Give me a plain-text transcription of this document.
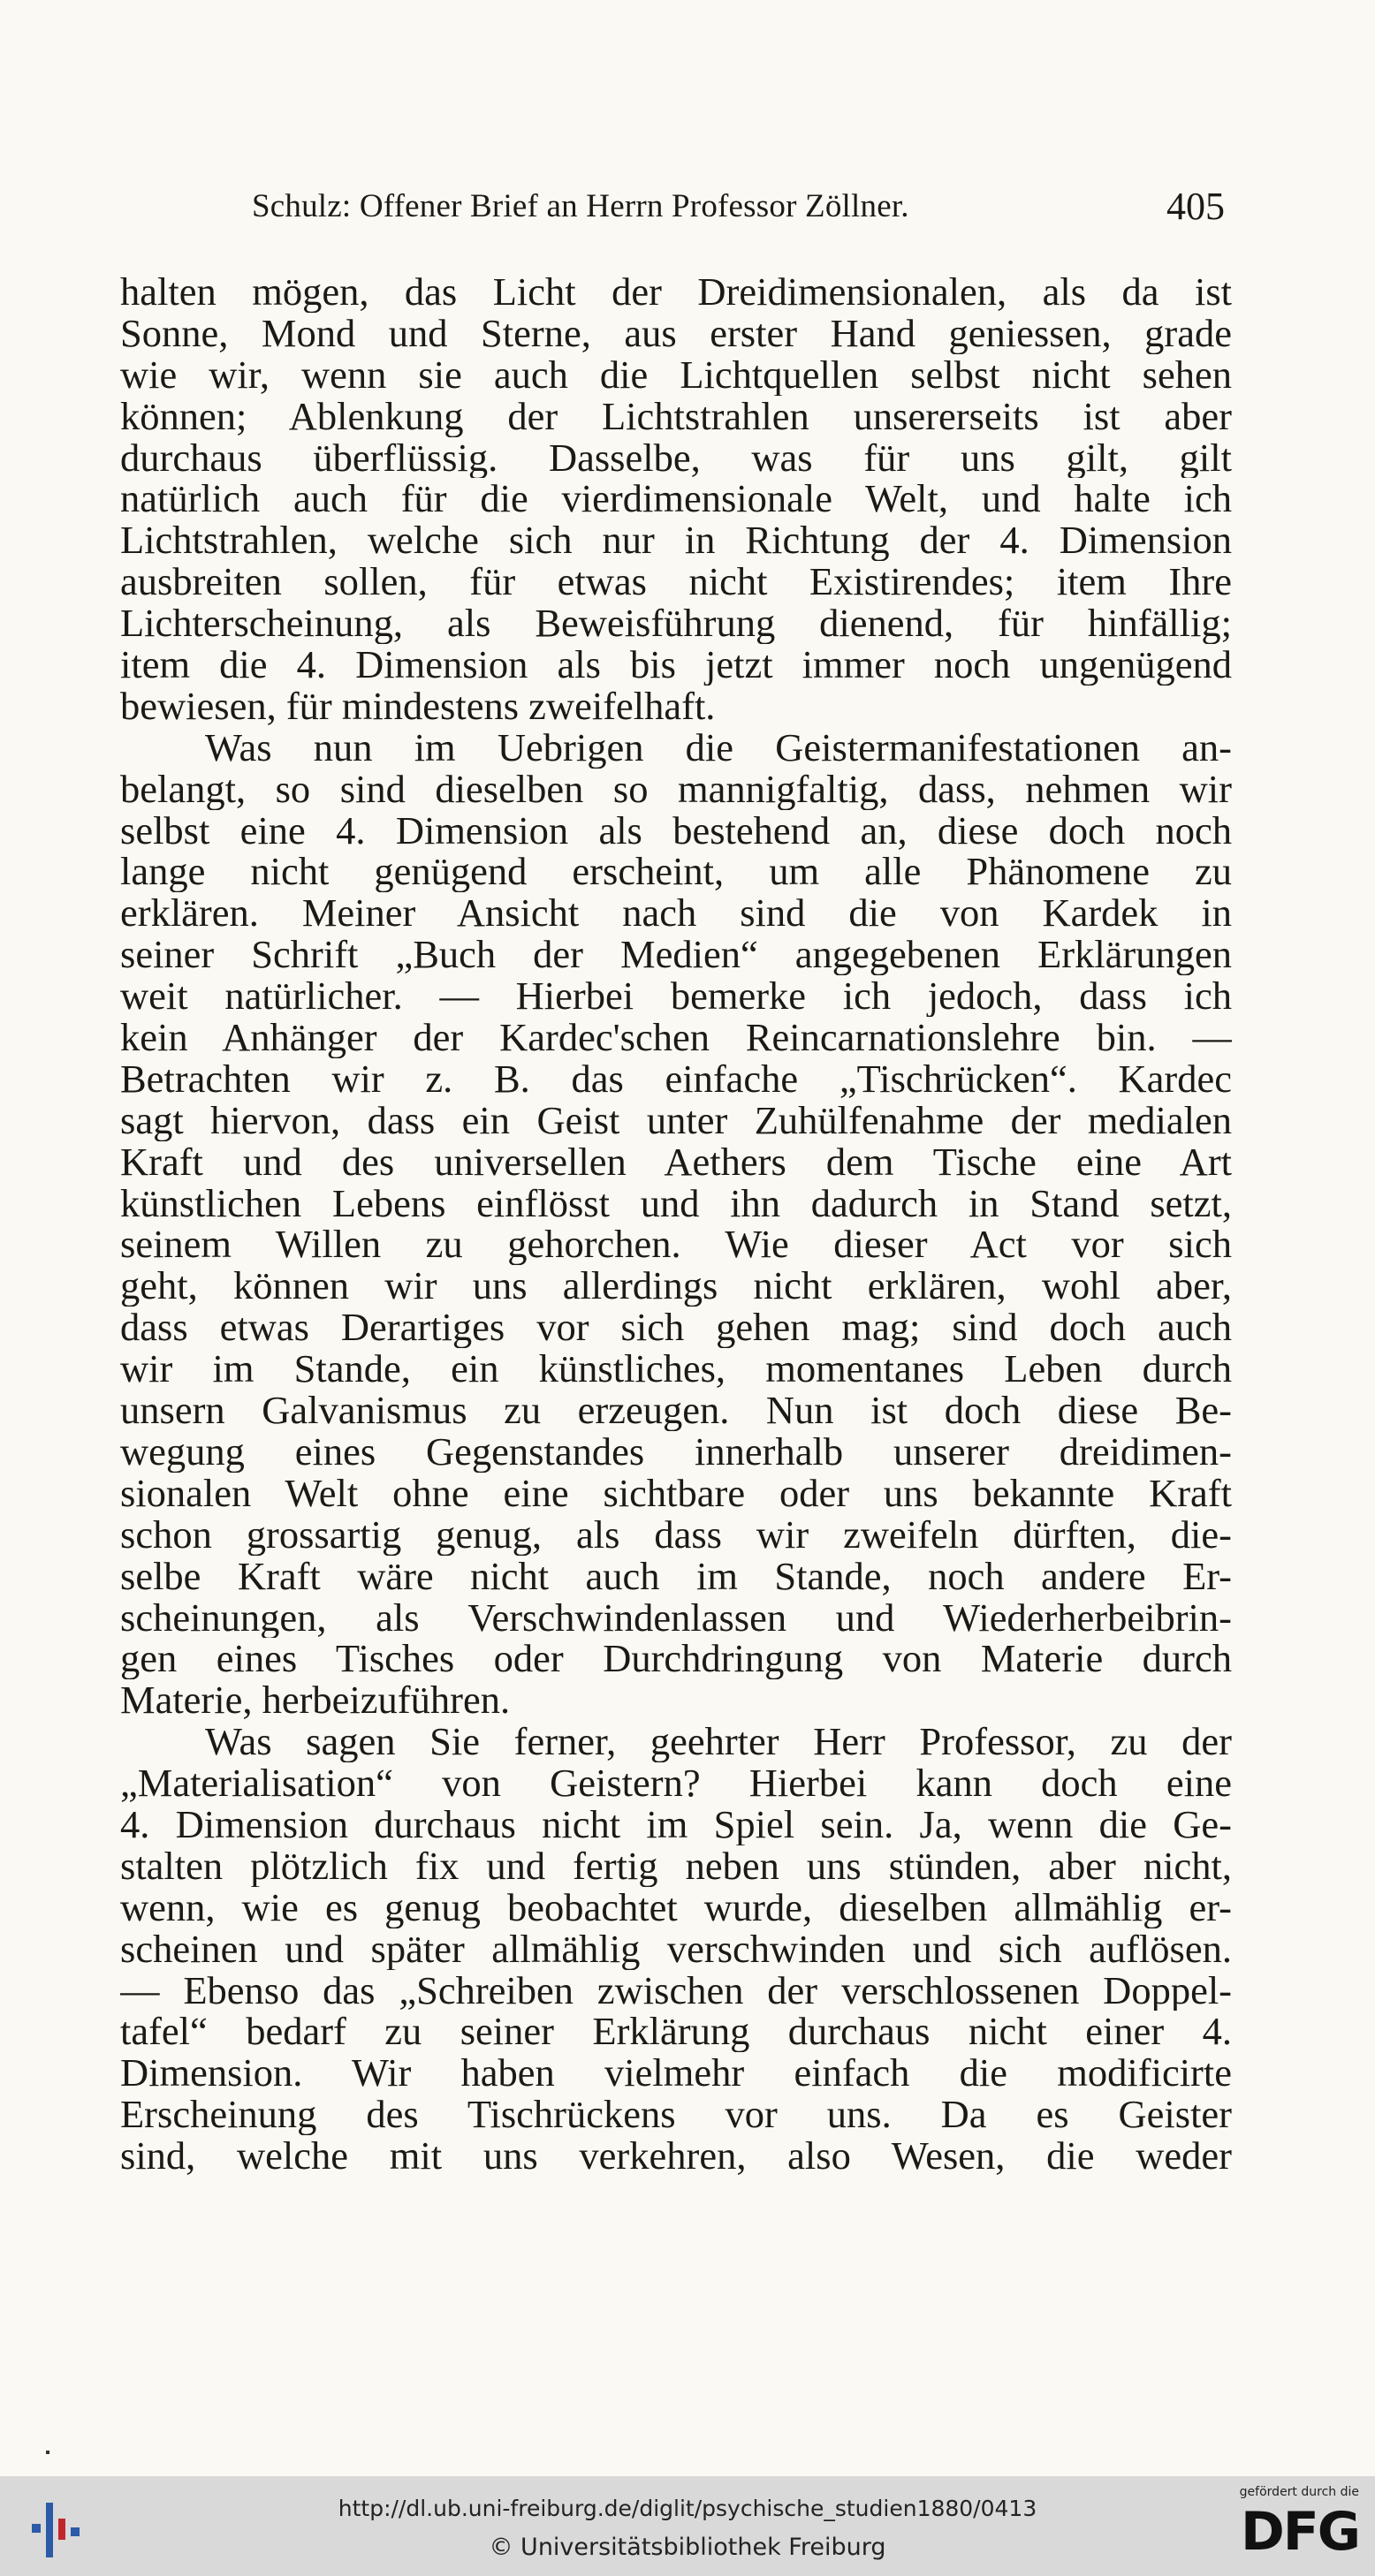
Schulz: Offener Brief an Herrn Professor Zöllner.	405
halten mögen, das Licht der Dreidimensionalen, als da ist
Sonne, Mond und Sterne, aus erster Hand geniessen, grade
wie wir, wenn sie auch die Lichtquellen selbst nicht sehen
können; Ablenkung der Lichtstrahlen unsererseits ist aber
durchaus überflüssig. Dasselbe, was für uns gilt, gilt
natürlich auch für die vierdimensionale Welt, und halte ich
Lichtstrahlen, welche sich nur in Richtung der 4. Dimension
ausbreiten sollen, für etwas nicht Existirendes; item Ihre
Lichterscheinung, als Beweisführung dienend, für hinfällig;
item die 4. Dimension als bis jetzt immer noch ungenügend
bewiesen, für mindestens zweifelhaft.
Was nun im Uebrigen die Geistermanifestationen an-
belangt, so sind dieselben so mannigfaltig, dass, nehmen wir
selbst eine 4. Dimension als bestehend an, diese doch noch
lange nicht genügend erscheint, um alle Phänomene zu
erklären. Meiner Ansicht nach sind die von Kardek in
seiner Schrift „Buch der Medien“ angegebenen Erklärungen
weit natürlicher. — Hierbei bemerke ich jedoch, dass ich
kein Anhänger der Kardec'schen Reincarnationslehre bin. —
Betrachten wir z. B. das einfache „Tischrücken“. Kardec
sagt hiervon, dass ein Geist unter Zuhülfenahme der medialen
Kraft und des universellen Aethers dem Tische eine Art
künstlichen Lebens einflösst und ihn dadurch in Stand setzt,
seinem Willen zu gehorchen. Wie dieser Act vor sich
geht, können wir uns allerdings nicht erklären, wohl aber,
dass etwas Derartiges vor sich gehen mag; sind doch auch
wir im Stande, ein künstliches, momentanes Leben durch
unsern Galvanismus zu erzeugen. Nun ist doch diese Be-
wegung eines Gegenstandes innerhalb unserer dreidimen-
sionalen Welt ohne eine sichtbare oder uns bekannte Kraft
schon grossartig genug, als dass wir zweifeln dürften, die-
selbe Kraft wäre nicht auch im Stande, noch andere Er-
scheinungen, als Verschwindenlassen und Wiederherbeibrin-
gen eines Tisches oder Durchdringung von Materie durch
Materie, herbeizuführen.
Was sagen Sie ferner, geehrter Herr Professor, zu der
„Materialisation“ von Geistern? Hierbei kann doch eine
4. Dimension durchaus nicht im Spiel sein. Ja, wenn die Ge-
stalten plötzlich fix und fertig neben uns stünden, aber nicht,
wenn, wie es genug beobachtet wurde, dieselben allmählig er-
scheinen und später allmählig verschwinden und sich auflösen.
— Ebenso das „Schreiben zwischen der verschlossenen Doppel-
tafel“ bedarf zu seiner Erklärung durchaus nicht einer 4.
Dimension. Wir haben vielmehr einfach die modificirte
Erscheinung des Tischrückens vor uns. Da es Geister
sind, welche mit uns verkehren, also Wesen, die weder
http://dl.ub.uni-freiburg.de/diglit/psychische_studien1880/0413
© Universitätsbibliothek Freiburg
gefördert durch die
DFG
